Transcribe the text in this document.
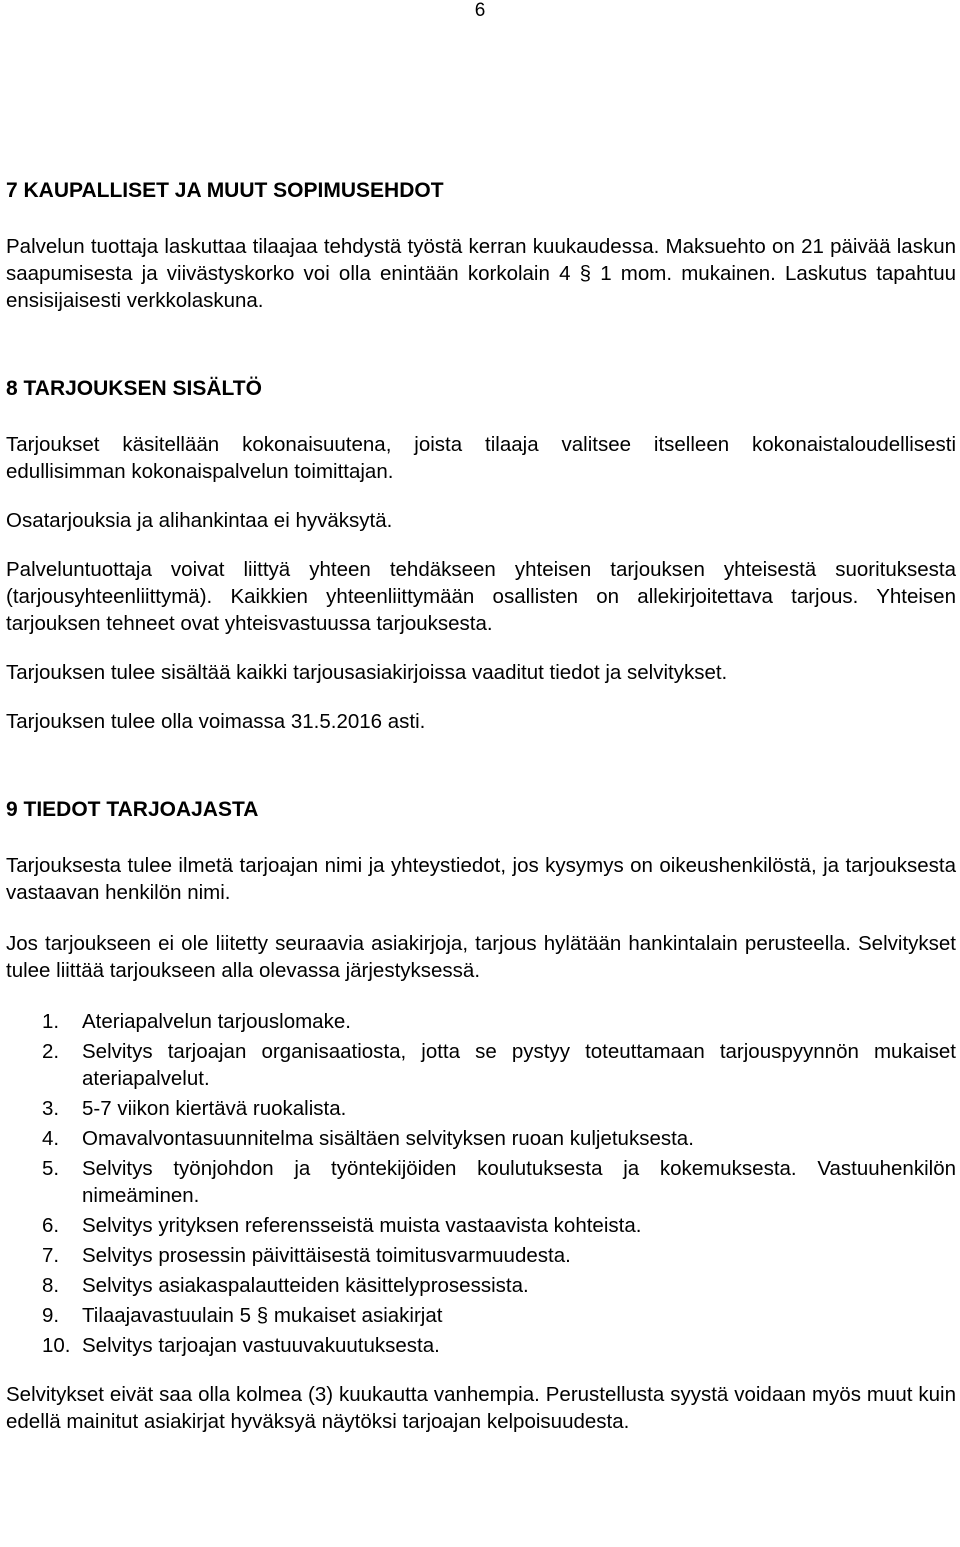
6
7 KAUPALLISET JA MUUT SOPIMUSEHDOT

Palvelun tuottaja laskuttaa tilaajaa tehdystä työstä kerran kuukaudessa. Maksuehto on 21 päivää laskun saapumisesta ja viivästyskorko voi olla enintään korkolain 4 § 1 mom. mukainen. Laskutus tapahtuu ensisijaisesti verkkolaskuna.

8 TARJOUKSEN SISÄLTÖ

Tarjoukset käsitellään kokonaisuutena, joista tilaaja valitsee itselleen kokonaistaloudellisesti edullisimman kokonaispalvelun toimittajan.

Osatarjouksia ja alihankintaa ei hyväksytä.

Palveluntuottaja voivat liittyä yhteen tehdäkseen yhteisen tarjouksen yhteisestä suorituksesta (tarjousyhteenliittymä). Kaikkien yhteenliittymään osallisten on allekirjoitettava tarjous. Yhteisen tarjouksen tehneet ovat yhteisvastuussa tarjouksesta.

Tarjouksen tulee sisältää kaikki tarjousasiakirjoissa vaaditut tiedot ja selvitykset.

Tarjouksen tulee olla voimassa 31.5.2016 asti.

9 TIEDOT TARJOAJASTA

Tarjouksesta tulee ilmetä tarjoajan nimi ja yhteystiedot, jos kysymys on oikeushenkilöstä, ja tarjouksesta vastaavan henkilön nimi.

Jos tarjoukseen ei ole liitetty seuraavia asiakirjoja, tarjous hylätään hankintalain perusteella. Selvitykset tulee liittää tarjoukseen alla olevassa järjestyksessä.

1.	Ateriapalvelun tarjouslomake.
2.	Selvitys tarjoajan organisaatiosta, jotta se pystyy toteuttamaan tarjouspyynnön mukaiset ateriapalvelut.
3.	5-7 viikon kiertävä ruokalista.
4.	Omavalvontasuunnitelma sisältäen selvityksen ruoan kuljetuksesta.
5.	Selvitys työnjohdon ja työntekijöiden koulutuksesta ja kokemuksesta. Vastuuhenkilön nimeäminen.
6.	Selvitys yrityksen referensseistä muista vastaavista kohteista.
7.	Selvitys prosessin päivittäisestä toimitusvarmuudesta.
8.	Selvitys asiakaspalautteiden käsittelyprosessista.
9.	Tilaajavastuulain 5 § mukaiset asiakirjat
10. Selvitys tarjoajan vastuuvakuutuksesta.

Selvitykset eivät saa olla kolmea (3) kuukautta vanhempia. Perustellusta syystä voidaan myös muut kuin edellä mainitut asiakirjat hyväksyä näytöksi tarjoajan kelpoisuudesta.
